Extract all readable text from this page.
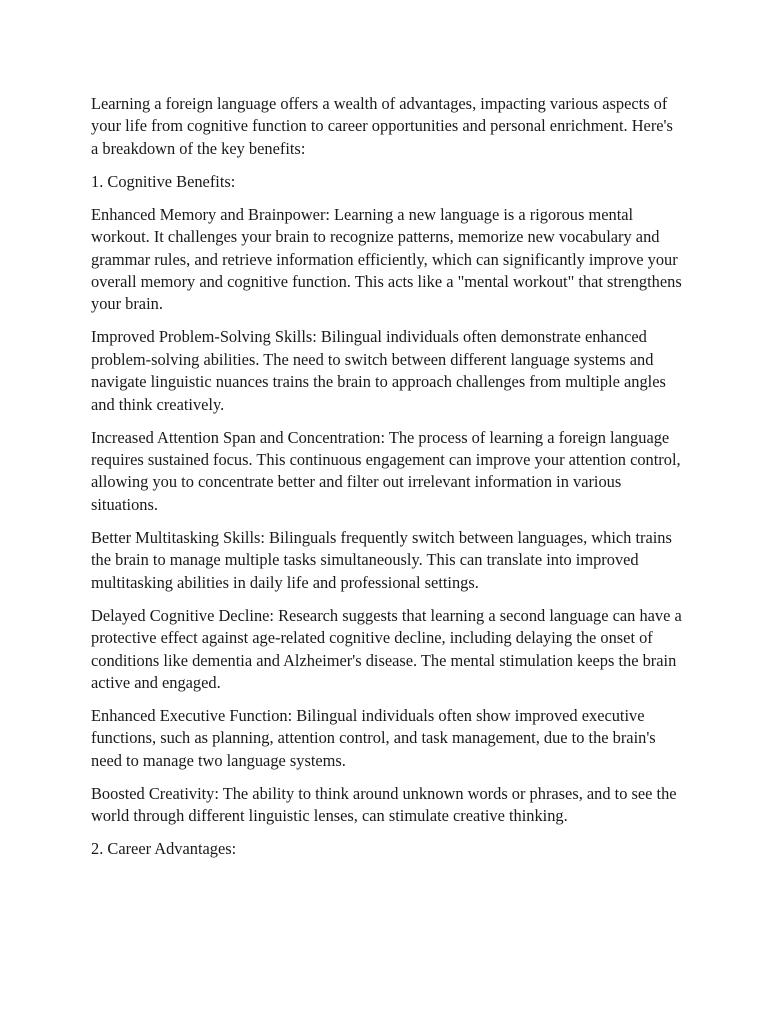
Learning a foreign language offers a wealth of advantages, impacting various aspects of your life from cognitive function to career opportunities and personal enrichment. Here's a breakdown of the key benefits:

1. Cognitive Benefits:

Enhanced Memory and Brainpower: Learning a new language is a rigorous mental workout. It challenges your brain to recognize patterns, memorize new vocabulary and grammar rules, and retrieve information efficiently, which can significantly improve your overall memory and cognitive function. This acts like a "mental workout" that strengthens your brain.

Improved Problem-Solving Skills: Bilingual individuals often demonstrate enhanced problem-solving abilities. The need to switch between different language systems and navigate linguistic nuances trains the brain to approach challenges from multiple angles and think creatively.

Increased Attention Span and Concentration: The process of learning a foreign language requires sustained focus. This continuous engagement can improve your attention control, allowing you to concentrate better and filter out irrelevant information in various situations.

Better Multitasking Skills: Bilinguals frequently switch between languages, which trains the brain to manage multiple tasks simultaneously. This can translate into improved multitasking abilities in daily life and professional settings.

Delayed Cognitive Decline: Research suggests that learning a second language can have a protective effect against age-related cognitive decline, including delaying the onset of conditions like dementia and Alzheimer's disease. The mental stimulation keeps the brain active and engaged.

Enhanced Executive Function: Bilingual individuals often show improved executive functions, such as planning, attention control, and task management, due to the brain's need to manage two language systems.

Boosted Creativity: The ability to think around unknown words or phrases, and to see the world through different linguistic lenses, can stimulate creative thinking.

2. Career Advantages:
